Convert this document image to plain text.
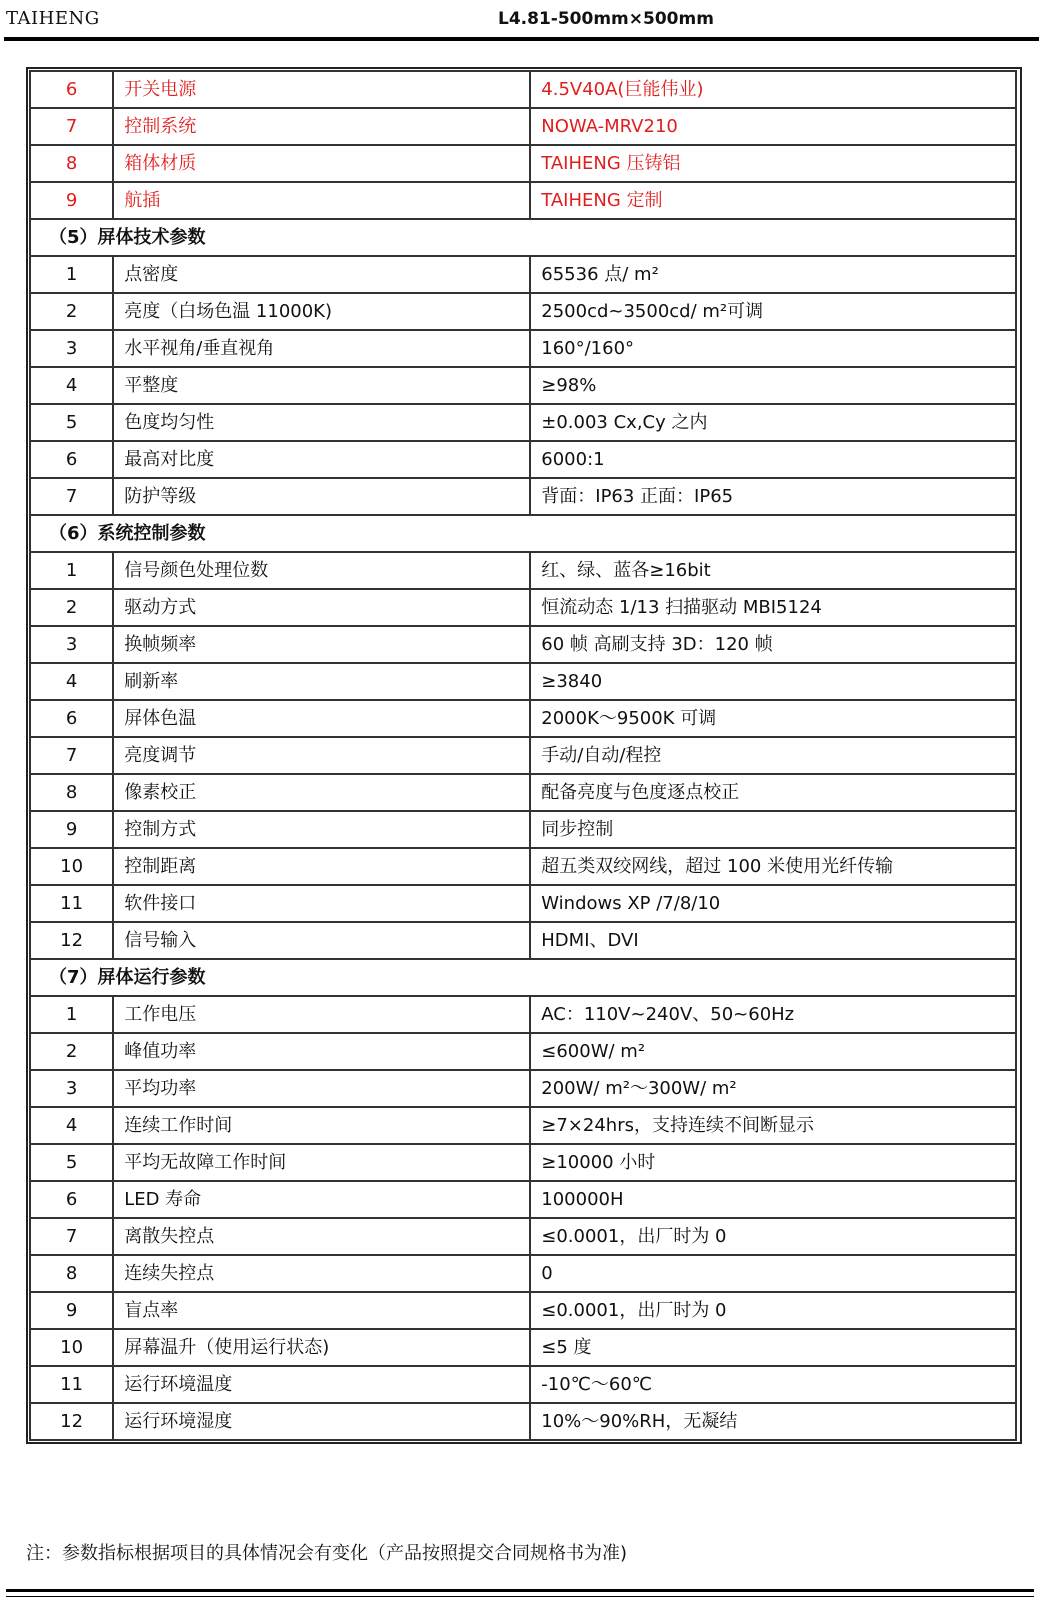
TAIHENG	L4.81-500mm×500mm
6	开关电源	4.5V40A(巨能伟业)
7	控制系统	NOWA-MRV210
8	箱体材质	TAIHENG 压铸铝
9	航插	TAIHENG 定制
（5）屏体技术参数		
1	点密度	65536 点/ m²
2	亮度（白场色温 11000K)	2500cd~3500cd/ m²可调
3	水平视角/垂直视角	160°/160°
4	平整度	≥98%
5	色度均匀性	±0.003 Cx,Cy 之内
6	最高对比度	6000:1
7	防护等级	背面：IP63 正面：IP65
（6）系统控制参数		
1	信号颜色处理位数	红、绿、蓝各≥16bit
2	驱动方式	恒流动态 1/13 扫描驱动 MBI5124
3	换帧频率	60 帧 高刷支持 3D：120 帧
4	刷新率	≥3840
6	屏体色温	2000K～9500K 可调
7	亮度调节	手动/自动/程控
8	像素校正	配备亮度与色度逐点校正
9	控制方式	同步控制
10	控制距离	超五类双绞网线，超过 100 米使用光纤传输
11	软件接口	Windows XP /7/8/10
12	信号输入	HDMI、DVI
（7）屏体运行参数		
1	工作电压	AC：110V~240V、50~60Hz
2	峰值功率	≤600W/ m²
3	平均功率	200W/ m²～300W/ m²
4	连续工作时间	≥7×24hrs，支持连续不间断显示
5	平均无故障工作时间	≥10000 小时
6	LED 寿命	100000H
7	离散失控点	≤0.0001，出厂时为 0
8	连续失控点	0
9	盲点率	≤0.0001，出厂时为 0
10	屏幕温升（使用运行状态)	≤5 度
11	运行环境温度	-10℃～60℃
12	运行环境湿度	10%～90%RH，无凝结
注：参数指标根据项目的具体情况会有变化（产品按照提交合同规格书为准)
